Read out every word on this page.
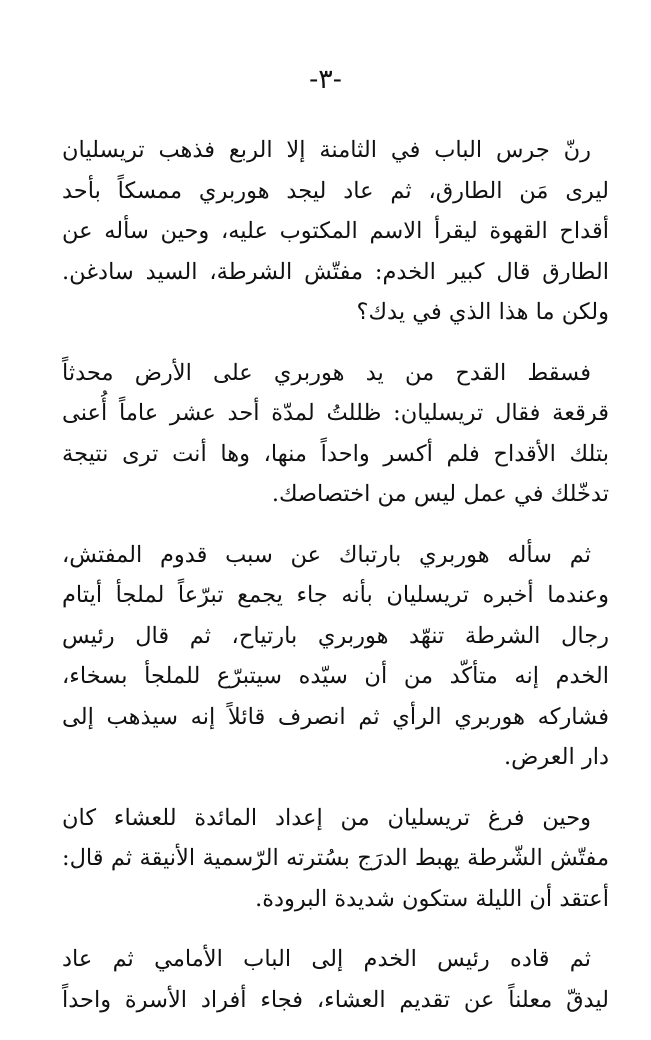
-٣-

رنّ جرس الباب في الثامنة إلا الربع فذهب تريسليان
ليرى مَن الطارق، ثم عاد ليجد هوربري ممسكاً بأحد
أقداح القهوة ليقرأ الاسم المكتوب عليه، وحين سأله عن
الطارق قال كبير الخدم: مفتّش الشرطة، السيد سادغن.
ولكن ما هذا الذي في يدك؟

فسقط القدح من يد هوربري على الأرض محدثاً
قرقعة فقال تريسليان: ظللتُ لمدّة أحد عشر عاماً أُعنى
بتلك الأقداح فلم أكسر واحداً منها، وها أنت ترى نتيجة
تدخّلك في عمل ليس من اختصاصك.

ثم سأله هوربري بارتباك عن سبب قدوم المفتش،
وعندما أخبره تريسليان بأنه جاء يجمع تبرّعاً لملجأ أيتام
رجال الشرطة تنهّد هوربري بارتياح، ثم قال رئيس
الخدم إنه متأكّد من أن سيّده سيتبرّع للملجأ بسخاء،
فشاركه هوربري الرأي ثم انصرف قائلاً إنه سيذهب إلى
دار العرض.

وحين فرغ تريسليان من إعداد المائدة للعشاء كان
مفتّش الشّرطة يهبط الدرَج بسُترته الرّسمية الأنيقة ثم قال:
أعتقد أن الليلة ستكون شديدة البرودة.

ثم قاده رئيس الخدم إلى الباب الأمامي ثم عاد
ليدقّ معلناً عن تقديم العشاء، فجاء أفراد الأسرة واحداً
